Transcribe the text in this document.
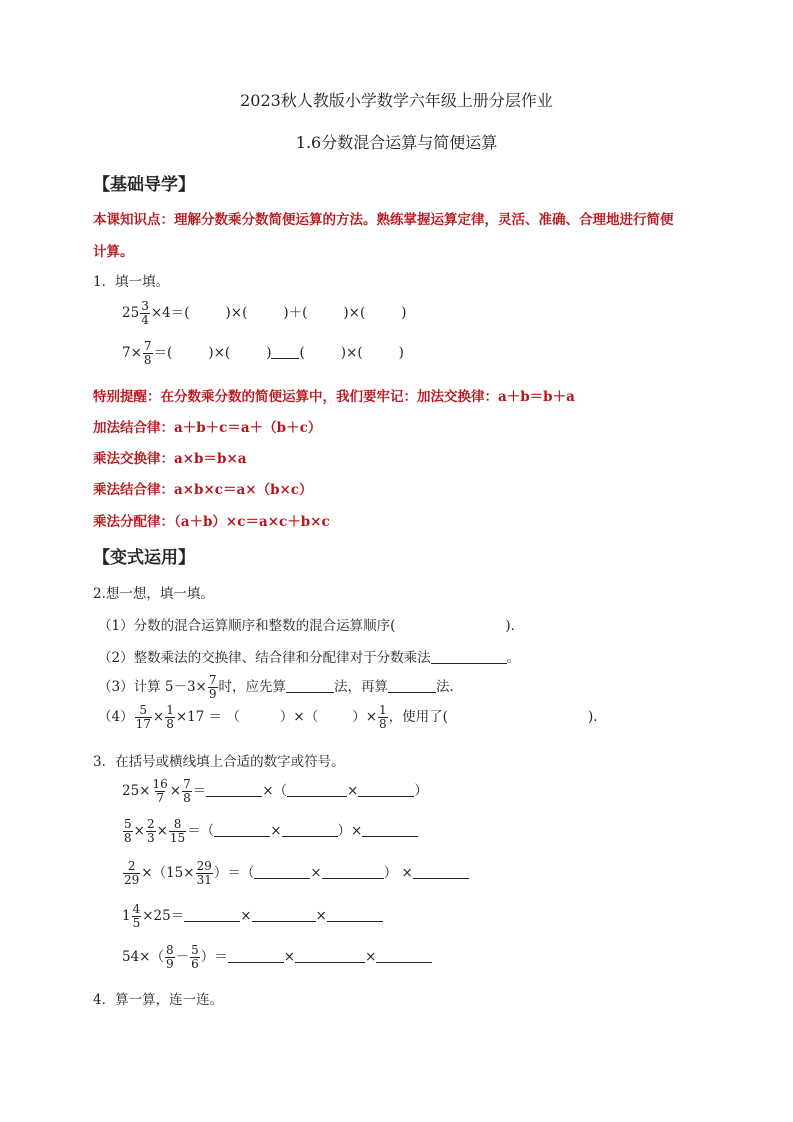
2023秋人教版小学数学六年级上册分层作业
1.6分数混合运算与简便运算
【基础导学】
本课知识点：理解分数乘分数简便运算的方法。熟练掌握运算定律，灵活、准确、合理地进行简便
计算。
1．填一填。
$25 \frac{3}{4} \times 4=$(	)×(	)＋(	)×(	)
$7\times \frac{7}{8}$ ＝(	)×(	) (	)×(	)
特别提醒：在分数乘分数的简便运算中，我们要牢记：加法交换律：a＋b＝b＋a
加法结合律：a＋b＋c＝a＋（b＋c）
乘法交换律：a×b＝b×a
乘法结合律：a×b×c＝a×（b×c）
乘法分配律：（a＋b）×c＝a×c＋b×c
【变式运用】
2.想一想，填一填。
（1）分数的混合运算顺序和整数的混合运算顺序(	)．
（2）整数乘法的交换律、结合律和分配律对于分数乘法	。
（3）计算 $5-3\times \frac{7}{9}$ 时，应先算	法，再算	法.
$(4) \frac{5}{17} \times \frac{1}{8} \times 17$ ＝ （	）×（	）× $\frac{1}{8}$ ，使用了(	).
3．在括号或横线填上合适的数字或符号。
$25\times \frac{16}{7} \times \frac{7}{8}$ ＝	×（	×	）
$\frac{5}{8} \times \frac{2}{3} \times \frac{8}{15}$ ＝（	×	）×
$\frac{2}{29} \times(15\times \frac{29}{31}$ ）＝（	×	） ×
$1 \frac{4}{5} \times 25=$	×	×
$54\times( \frac{8}{9} - \frac{5}{6}$ ）＝	×	×
4．算一算，连一连。
